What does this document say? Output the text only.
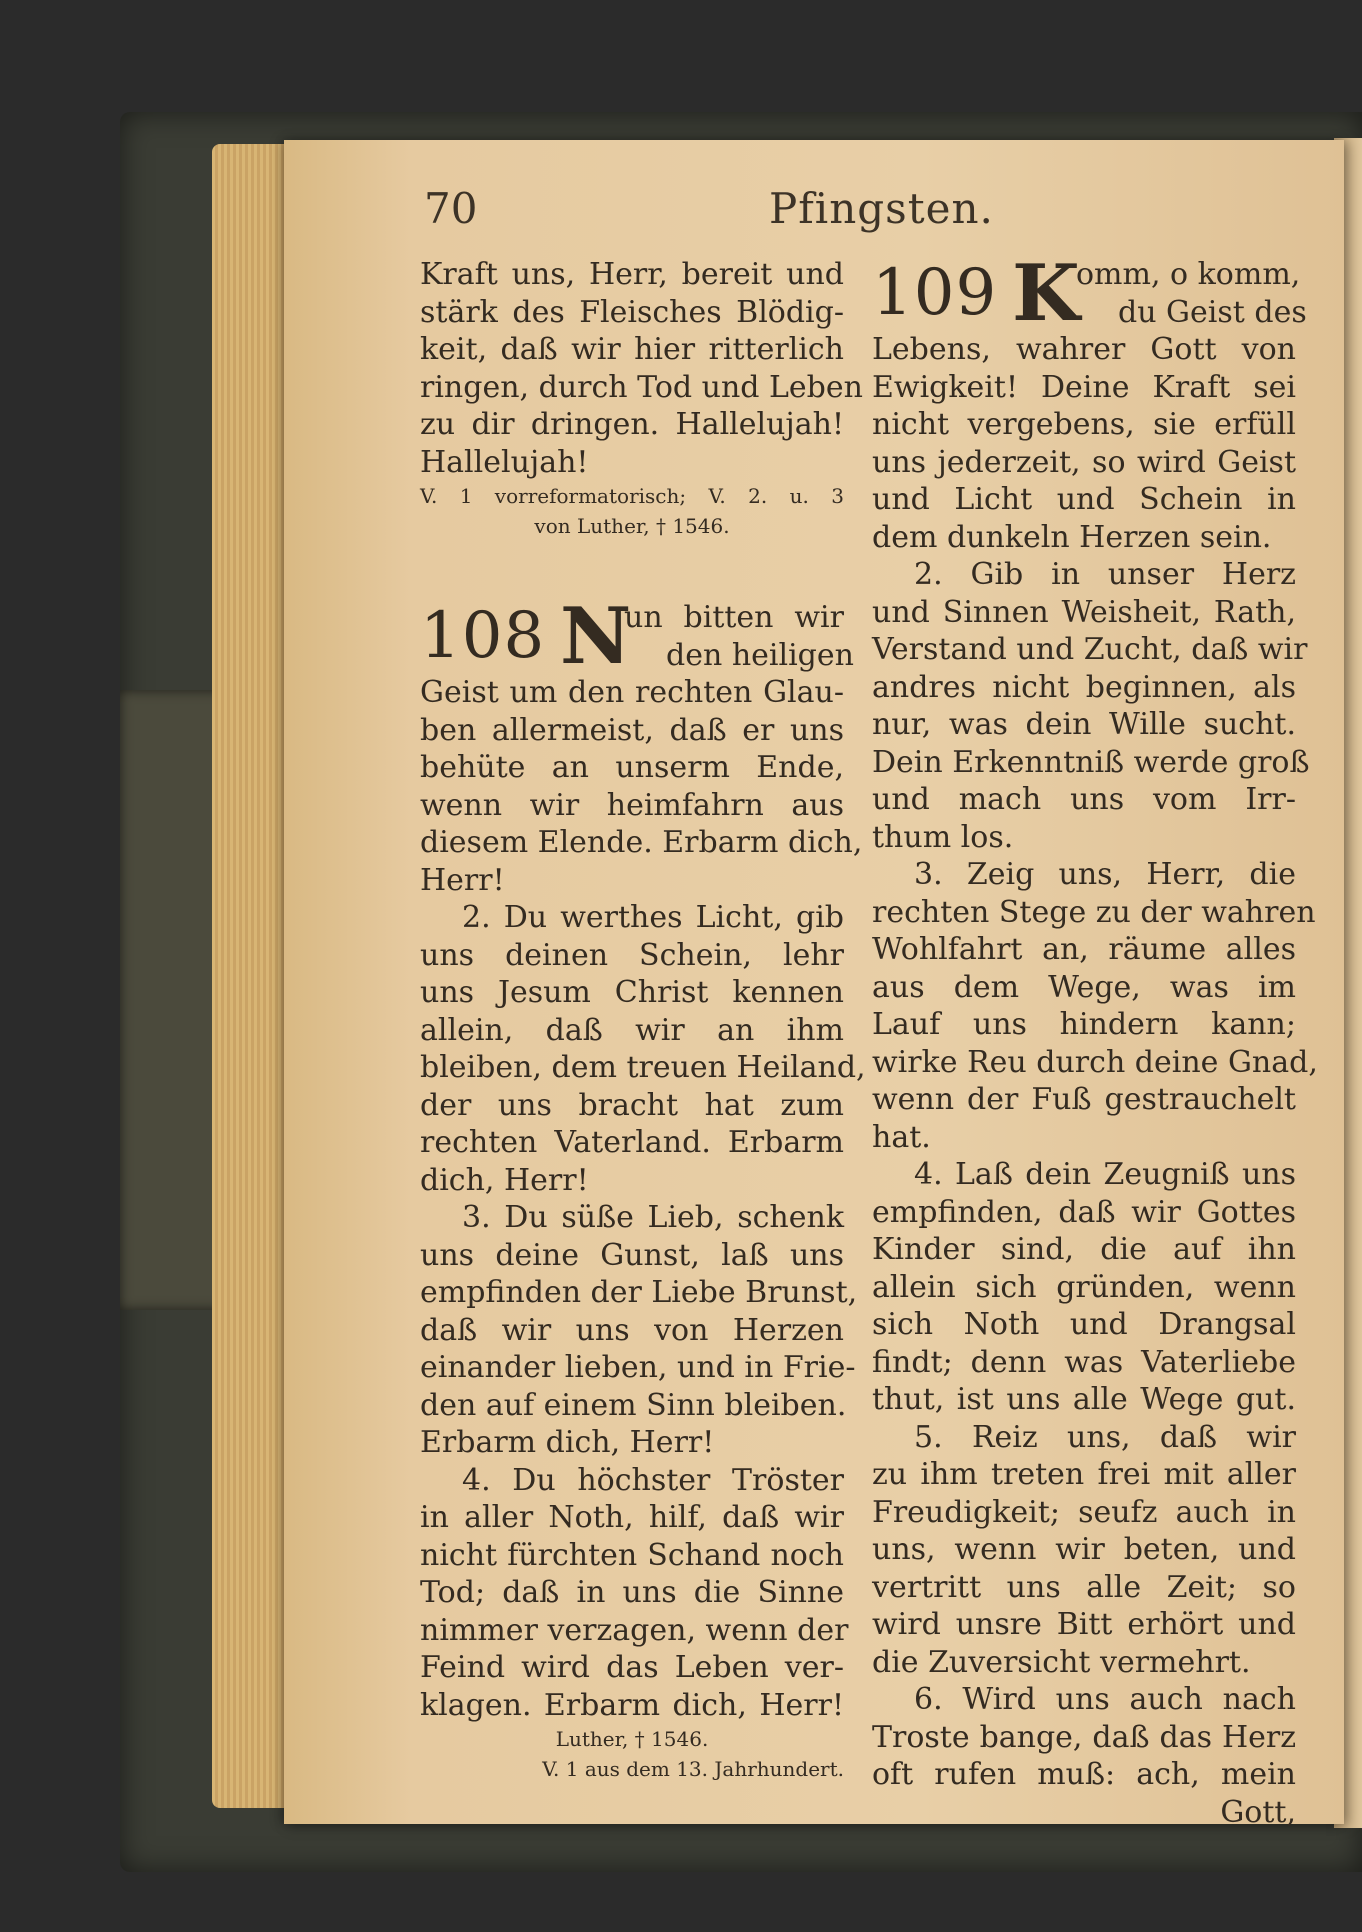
70	Pfingsten.
Kraft uns, Herr, bereit und
stärk des Fleisches Blödig-
keit, daß wir hier ritterlich
ringen, durch Tod und Leben
zu dir dringen. Hallelujah!
Hallelujah!
V. 1 vorreformatorisch; V. 2. u. 3
von Luther, † 1546.
108 N
un bitten wir
den heiligen
Geist um den rechten Glau-
ben allermeist, daß er uns
behüte an unserm Ende,
wenn wir heimfahrn aus
diesem Elende. Erbarm dich,
Herr!
2. Du werthes Licht, gib
uns deinen Schein, lehr
uns Jesum Christ kennen
allein, daß wir an ihm
bleiben, dem treuen Heiland,
der uns bracht hat zum
rechten Vaterland. Erbarm
dich, Herr!
3. Du süße Lieb, schenk
uns deine Gunst, laß uns
empfinden der Liebe Brunst,
daß wir uns von Herzen
einander lieben, und in Frie-
den auf einem Sinn bleiben.
Erbarm dich, Herr!
4. Du höchster Tröster
in aller Noth, hilf, daß wir
nicht fürchten Schand noch
Tod; daß in uns die Sinne
nimmer verzagen, wenn der
Feind wird das Leben ver-
klagen. Erbarm dich, Herr!
Luther, † 1546.
V. 1 aus dem 13. Jahrhundert.
109 K
omm, o komm,
du Geist des
Lebens, wahrer Gott von
Ewigkeit! Deine Kraft sei
nicht vergebens, sie erfüll
uns jederzeit, so wird Geist
und Licht und Schein in
dem dunkeln Herzen sein.
2. Gib in unser Herz
und Sinnen Weisheit, Rath,
Verstand und Zucht, daß wir
andres nicht beginnen, als
nur, was dein Wille sucht.
Dein Erkenntniß werde groß
und mach uns vom Irr-
thum los.
3. Zeig uns, Herr, die
rechten Stege zu der wahren
Wohlfahrt an, räume alles
aus dem Wege, was im
Lauf uns hindern kann;
wirke Reu durch deine Gnad,
wenn der Fuß gestrauchelt
hat.
4. Laß dein Zeugniß uns
empfinden, daß wir Gottes
Kinder sind, die auf ihn
allein sich gründen, wenn
sich Noth und Drangsal
findt; denn was Vaterliebe
thut, ist uns alle Wege gut.
5. Reiz uns, daß wir
zu ihm treten frei mit aller
Freudigkeit; seufz auch in
uns, wenn wir beten, und
vertritt uns alle Zeit; so
wird unsre Bitt erhört und
die Zuversicht vermehrt.
6. Wird uns auch nach
Troste bange, daß das Herz
oft rufen muß: ach, mein
Gott,
